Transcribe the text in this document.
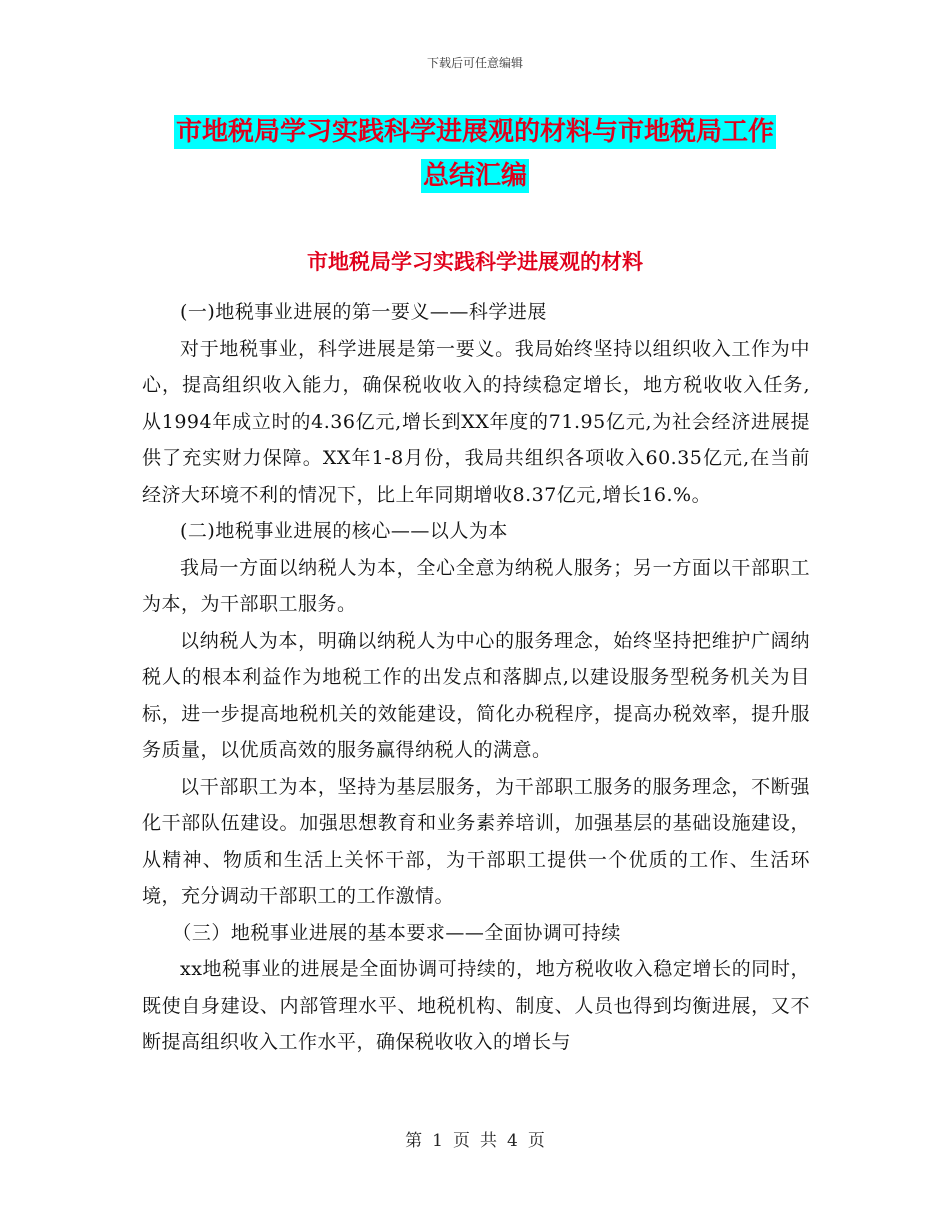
下载后可任意编辑
市地税局学习实践科学进展观的材料与市地税局工作
总结汇编
市地税局学习实践科学进展观的材料

(一)地税事业进展的第一要义——科学进展

对于地税事业，科学进展是第一要义。我局始终坚持以组织收入工作为中心，提高组织收入能力，确保税收收入的持续稳定增长，地方税收收入任务,从1994年成立时的4.36亿元,增长到XX年度的71.95亿元,为社会经济进展提供了充实财力保障。XX年1-8月份，我局共组织各项收入60.35亿元,在当前经济大环境不利的情况下，比上年同期增收8.37亿元,增长16.%。

(二)地税事业进展的核心——以人为本

我局一方面以纳税人为本，全心全意为纳税人服务；另一方面以干部职工为本，为干部职工服务。

以纳税人为本，明确以纳税人为中心的服务理念，始终坚持把维护广阔纳税人的根本利益作为地税工作的出发点和落脚点,以建设服务型税务机关为目标，进一步提高地税机关的效能建设，简化办税程序，提高办税效率，提升服务质量，以优质高效的服务赢得纳税人的满意。

以干部职工为本，坚持为基层服务，为干部职工服务的服务理念，不断强化干部队伍建设。加强思想教育和业务素养培训，加强基层的基础设施建设，从精神、物质和生活上关怀干部，为干部职工提供一个优质的工作、生活环境，充分调动干部职工的工作激情。

（三）地税事业进展的基本要求——全面协调可持续

xx地税事业的进展是全面协调可持续的，地方税收收入稳定增长的同时，既使自身建设、内部管理水平、地税机构、制度、人员也得到均衡进展，又不断提高组织收入工作水平，确保税收收入的增长与

第 1 页 共 4 页
